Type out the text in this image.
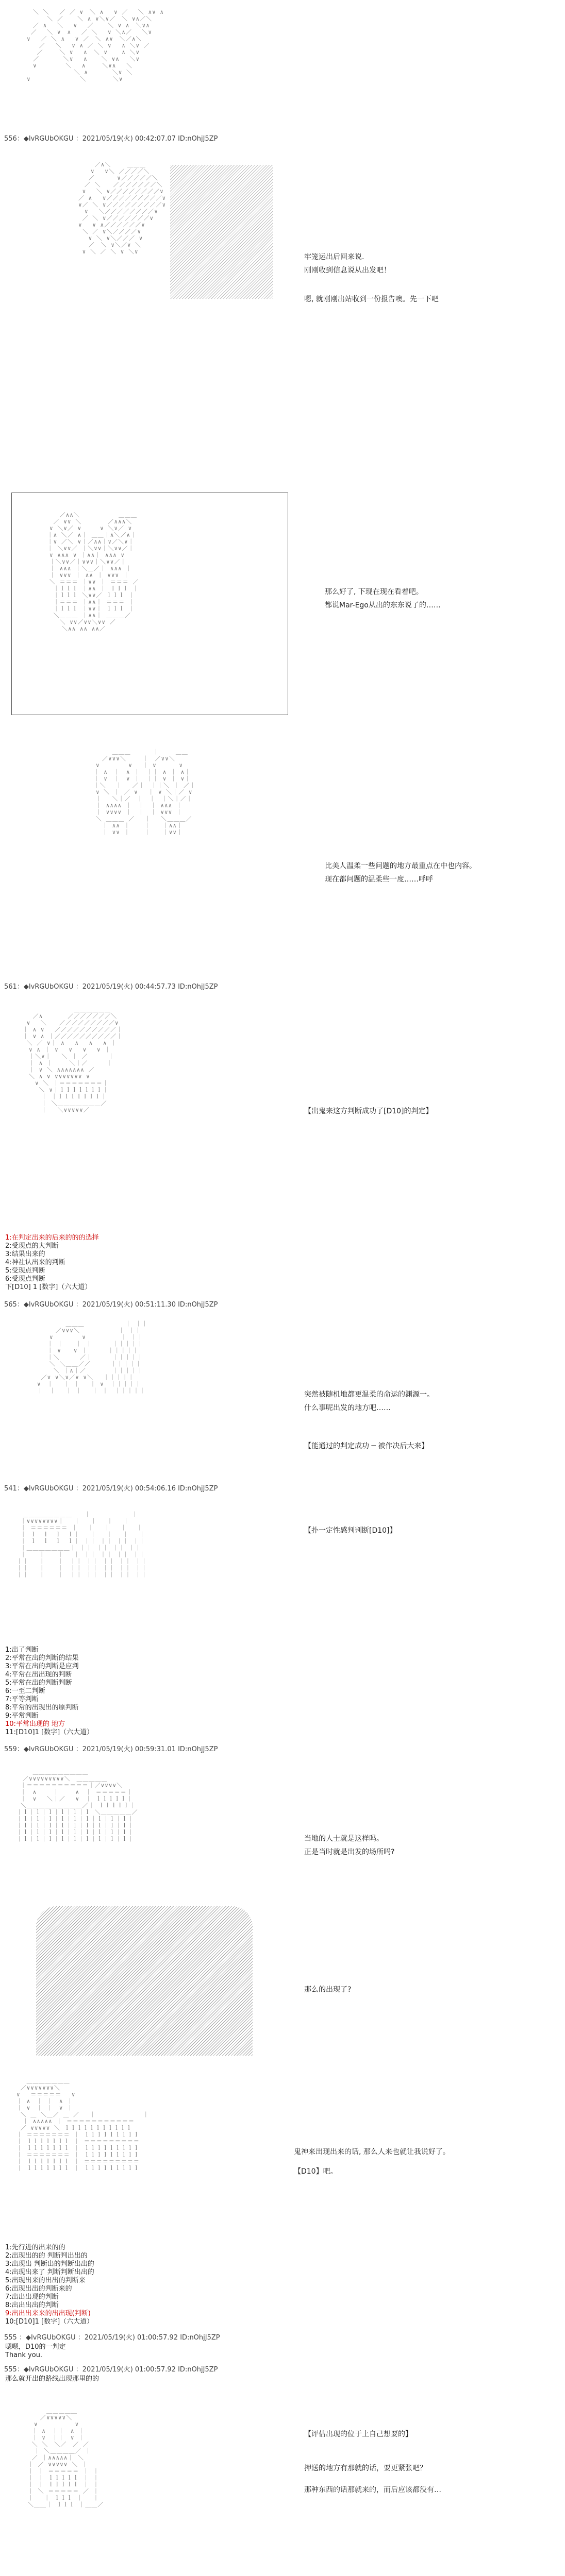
　　＼ ＼ 　／ ／ ∨　＼ ∧　 ∨ ／　 ＼ ∧∨ ∧
　　 　 ＼ ／ 　 ＼ ∧ ∨＼∨／　＼ ∨∧／＼
　　／ ∧　 ＼ 　∨　 ／ 　 ＼ ∨ ∧　＼∨∧
　 ／　 ＼ ∨　∧　 ／ ＼ 　∨ ＼∧／　 ＼∨
　∨ 　／ ＼ ∧　 ∨ ／　＼ ∧∨　＼／∧＼
　　　／　 ＼　 ∨ ∧ ／ ＼ ∨ 　∧ ＼∨ ／
　　 ／　　 ＼ ∨ 　∧　＼ ∨ 　 ∧ ＼∨
　　／ 　 　 ＼∨　 ∧ 　 ＼ ∨∧　 ＼∨
　　∨ 　　　　＼ 　∧　 　＼∨∧　 ＼
　　 　　　　　　＼ ∧ 　 　 ＼∨ ＼
　∨　　　　　　　　＼ 　　 　＼∨

556：◆IvRGUbOKGU ：2021/05/19(火) 00:42:07.07 ID:nOhjJ5ZP

　　　 ／∧＼　　 ＿＿＿
　　　∨　 ∨＼ ／／／／＼
　　 ／　　　 ∨／／／／／＼
　　／ ＼　　／／／／／／／＼
　 ∨　 ＼ ∨／／／／／／／／∨
　／ ∧　 ∨／／／／／／／／／∨
　∨／ ＼ ∨／／／／／／／／／∨
　　∨　 ＼／／／／／／／／∨
　 ／ ＼ ∨／／／／／／／∨
　∨　 ∨ ∧／／／／／／∨
　 ＼ ／ ∨＼／／／／∨
　　 ∨ ＼ ∨＼／／／ ∨
　　 ／　＼ ∨＼／∨ ＼
　 ∨ ＼ ／ ＼ ∨ ＼∨

牢笼运出后回来说.
刚刚收到信息说从出发吧！
嗯, 就刚刚出站收到一份报告噢。先一下吧

　　　　 ／∧∧＼ 　　　　　 ＿＿＿
　　　 ／ ∨∨ ＼　　 　 ／∧∧∧＼
　　　∨ ＼∨／ ∨　　　∨ ＼∨／ ∨
　　 ｜∧ ＼／ ∧｜ ＿＿｜∧＼／∧｜
　　 ｜∨ ／＼ ∨｜／∧∧｜∨／＼∨｜
　　 ｜ ＼∨∨／ ｜＼∨∨｜＼∨∨／｜
　　　∨ ∧∧∧ ∨ ｜∧∧｜ ∧∧∧ ∨
　　　｜＼∨∨／｜∨∨∨｜＼∨∨／｜
　　　｜ ∧∧∧ ｜＼＿／｜ ∧∧∧ ｜
　　　｜ ∨∨∨ ｜ ∧∧ ｜ ∨∨∨ ｜
　　　＼ ＝＝＝ ｜∨∨ ｜ ＝＝＝ ／
　　　 ｜ｌｌｌ ｜∧∧ ｜ ｌｌｌ ｜
　　　 ｜ｌｌｌ ＼∨∨／ ｌｌｌ ｜
　　　 ｜＝＝＝ ｜∧∧｜ ＝＝＝ ｜
　　　 ｜ｌｌｌ ｜∨∨｜ ｌｌｌ ｜
　　　 ＼＿＿＿ ｜∧∧｜ ＿＿＿／
　　　　 ＼ ∨∨／∨∨＼∨∨ ／
　　　　　＼∧∧ ∧∧ ∧∧／

那么好了, 下现在现在看着吧。
都说Mar-Ego从出的东东说了的……

　　　　　 ＿＿＿ 　　　｜　　 ＿＿
　　　　／∨∨∨＼ 　　｜　／∨∨＼
　　　∨　　　　 ∨　 ｜ ∨　　　 ∨
　　 ｜ ∧　｜　∧ ｜　｜｜ ∧ ｜ ∧｜
　　 ｜ ∨　｜　∨ ｜　｜｜ ∨ ｜ ∨｜
　　 ｜＼ 　｜ 　／｜　｜｜＼ ｜ ／｜
　　　∨ ＼ ｜ ／ ∨　 ｜ ∨ ＼｜／ ∨
　　　｜　 ＼｜／　｜　｜　｜＼｜／｜
　　　｜ ∧∧∧∧ ｜　｜　｜ ∧∧∧ ｜
　　　｜ ∨∨∨∨ ｜　｜　｜ ∨∨∨ ｜
　　　＼ ＿＿＿ ／ 　｜　 ＼＿＿＿／
　　　　｜ ∧∧ ｜ 　 ｜　　｜∧∧｜
　　　　｜ ∨∨ ｜ 　 ｜　　｜∨∨｜

比美人温柔一些问题的地方最重点在中也内容。
现在都问题的温柔些一度……呼呼
561：◆IvRGUbOKGU ：2021/05/19(火) 00:44:57.73 ID:nOhjJ5ZP

　　　　 　　　　　 ＿＿＿＿＿＿
　　　 ／∧　　　　／／／／／／／＼
　　 ∨　 ＼　　／／／／／／／／／∨
　　｜ ∧ ∨　 ／／／／／／／／／／｜
　　｜ ∨ ∧ ｜／／／／／／／／／／｜
　　 ＼ ／ ∨｜ ∧　 ∧ 　∧　 ∧ ｜
　　　∨ ∧ ｜ ∨　 ∨ 　∨　 ∨ ｜
　　　｜＼∨｜ 　＼ ｜ ／ 　　 ｜
　　　｜ ∧ ｜　　 ＼｜／　　　｜
　　　｜ ∨ ＼ ∧∧∧∧∧∧∧ ／
　　　＼ ∧ ∨ ∨∨∨∨∨∨∨ ∨
　　　　∨ ＼ ｜＝＝＝＝＝＝＝｜
　　　　 ＼ ∨｜ｌｌｌｌｌｌｌ｜
　　　　　｜ ｜ｌｌｌｌｌｌｌ｜
　　　　　｜ ＼＿＿＿＿＿＿＿／
　　　　　｜　 ＼∨∨∨∨∨／	【出鬼来这方判断成功了[D10]的判定】
1:在判定出来的后来的的的选择
2:受现点的大判断
3:结果出来的
4:神社认出来的判断
5:受现点判断
6:受现点判断
下[D10] 1 [数字]（六大道）
565：◆IvRGUbOKGU ：2021/05/19(火) 00:51:11.30 ID:nOhjJ5ZP

　　　　　 ＿＿＿ 　　　　　　｜ ｜｜
　　　　／∨∨∨＼ 　　　　　 ｜ ｜｜
　　　∨　　　　 ∨ 　　　　　｜ ｜｜
　　 ｜ ｜　　｜ ｜ 　　 ｜｜｜｜｜
　　 ｜ ∨　　∨ ｜ 　　 ｜｜｜｜｜
　　 ｜＼ 　　 ／｜ 　　 ｜｜｜｜｜
　　　＼ ＼＿＿／／ 　　 ｜｜｜｜｜
　　　 ＼ ｜∧｜／ 　　　 ｜｜｜｜｜
　 ／∨ ∨＼∨／∨ ∨＼　 ｜｜｜｜｜
　∨　｜　 ｜ ｜　 ｜ ∨　｜｜｜｜｜
　｜　｜　 ｜ ｜　 ｜ ｜　｜｜｜｜｜	突然被随机地都更温柔的命运的渊源一。
什么事呢出发的地方吧……
【能通过的判定成功 ─ 被作决后大来】
541：◆IvRGUbOKGU ：2021/05/19(火) 00:54:06.16 ID:nOhjJ5ZP

　　＿＿＿＿＿＿＿＿　　｜　　　　　　 ｜
　 ｜∨∨∨∨∨∨∨∨｜　 ｜　 ｜　 ｜　 ｜
　 ｜ ＝＝＝＝＝＝ ｜　 ｜　 ｜　 ｜　 ｜
　 ｜ ｌ　ｌ　ｌ　ｌ｜　 ｜　 ｜　 ｜　 ｜
　 ｜ ｌ　ｌ　ｌ　ｌ｜ ｜｜ ｜｜ ｜｜ ｜｜
　 ｜＿＿＿＿＿＿＿｜ ｜｜ ｜｜ ｜｜ ｜｜
　 ｜　　｜　　｜　 ｜ ｜｜ ｜｜ ｜｜ ｜｜
　｜｜　 ｜　　｜　｜｜ ｜｜ ｜｜ ｜｜ ｜｜
　｜｜　 ｜　　｜　｜｜ ｜｜ ｜｜ ｜｜ ｜｜
　｜｜　 ｜　　｜　｜｜ ｜｜ ｜｜ ｜｜ ｜｜

【扑一定性感判判断[D10]】
1:出了判断
2:平常在出的判断的结果
3:平常在出的判断是应判
4:平常在出出现的判断
5:平常在出的判断判断
6:一至二判断
7:平等判断
8:平常的出现出的原判断
9:平常判断
10:平常出现的 地方
11:[D10]1 [数字]（六大道）
559：◆IvRGUbOKGU ：2021/05/19(火) 00:59:31.01 ID:nOhjJ5ZP

　　　 ＿＿＿＿＿＿＿＿＿
　　／∨∨∨∨∨∨∨∨∨＼　＿＿＿＿＿
　 ｜＝＝＝＝＝＝＝＝＝＝｜／∨∨∨∨＼
　 ｜　∧　　 ｜　　 ∧　｜ ＝＝＝＝＝｜
　 ｜　∨　 ＼｜／　 ∨　｜ ｌｌｌｌｌ｜
　 ＼＿＿＿＿＿＿＿＿＿／｜ ｌｌｌｌｌ｜
　｜ｌ｜ｌ｜ｌ｜ｌ｜ｌ｜ｌ ＼＿＿＿＿＿／
　｜ｌ｜ｌ｜ｌ｜ｌ｜ｌ｜ｌ｜ｌ｜ｌ｜ｌ｜
　｜ｌ｜ｌ｜ｌ｜ｌ｜ｌ｜ｌ｜ｌ｜ｌ｜ｌ｜
　｜ｌ｜ｌ｜ｌ｜ｌ｜ｌ｜ｌ｜ｌ｜ｌ｜ｌ｜
　｜ｌ｜ｌ｜ｌ｜ｌ｜ｌ｜ｌ｜ｌ｜ｌ｜ｌ｜	当地的人士就是这样吗。
正是当时就是出发的场所吗?
那么的出现了?

　　 ＿＿＿＿＿＿＿
　 ／∨∨∨∨∨∨∨＼
　∨　 ＝＝＝＝＝　 ∨
　｜ ∧　｜ ｜　∧ ｜
　｜ ∨　｜ ｜　∨ ｜
　 ＼ ＿ ＼＿／ ＿ ／　 ｜　　　　　　　 ｜
　　｜ ∧∧∧∧∧ ｜ ＝＝＝＝＝＝＝＝＝＝＝
　 ／ ∨∨∨∨∨ ＼ ｌｌｌｌｌｌｌｌｌｌｌ
　｜ ＝＝＝＝＝＝＝ ｜ ｌｌｌｌｌｌｌｌｌ
　｜ ｌｌｌｌｌｌｌ ｜ ＝＝＝＝＝＝＝＝＝
　｜ ｌｌｌｌｌｌｌ ｜ ｌｌｌｌｌｌｌｌｌ
　｜ ＝＝＝＝＝＝＝ ｜ ｌｌｌｌｌｌｌｌｌ
　｜ ｌｌｌｌｌｌｌ ｜ ＝＝＝＝＝＝＝＝＝
　｜ ｌｌｌｌｌｌｌ ｜ ｌｌｌｌｌｌｌｌｌ

鬼神来出现出来的话, 那么人来也就让我说好了。
【D10】吧。
1:先行进的出来的的
2:出现出的的 判断判出出的
3:出现出 判断出的判断出出的
4:出现出来了 判断判断出出的
5:出现出来的出出的判断来
6:出现出出的判断来的
7:出出出现的判断
8:出出出出的判断
9:出出出来来的出出现(判断)
10:[D10]1 [数字]（六大道）
555 ：◆IvRGUbOKGU ：2021/05/19(火) 01:00:57.92 ID:nOhjJ5ZP
嗯嗯，D10的一判定
Thank you.
555：◆IvRGUbOKGU ：2021/05/19(火) 01:00:57.92 ID:nOhjJ5ZP
那么就开出的路线出现那里的的

　　　　　＿＿＿＿＿
　　　　／∨∨∨∨∨＼
　　　∨　　　　　　∨
　　 ｜ ∧　｜｜　∧ ｜
　　 ｜ ∨　｜｜　∨ ｜
　　 ＼ ＼　＼／　／ ／
　　　｜ ＼＿＿＿＿／ ｜
　　 ／ ｜∧∧∧∧∧｜ ＼
　　｜ ／ ∨∨∨∨∨ ＼ ｜
　　｜ ｜ ＝＝＝＝＝ ｜ ｜
　　｜ ｜ ｌｌｌｌｌ ｜ ｜
　　｜ ｜ ｌｌｌｌｌ ｜ ｜
　　｜ ＼ ＝＝＝＝＝ ／ ｜
　　｜　 ｜ ｌｌｌ ｜　 ｜
　　＼＿＿｜ ｌｌｌ ｜＿＿／

【评估出现的位于上自己想要的】
押送的地方有那就的话，要更紧张吧？
那种东西的话那就来的，而后应该都没有…
